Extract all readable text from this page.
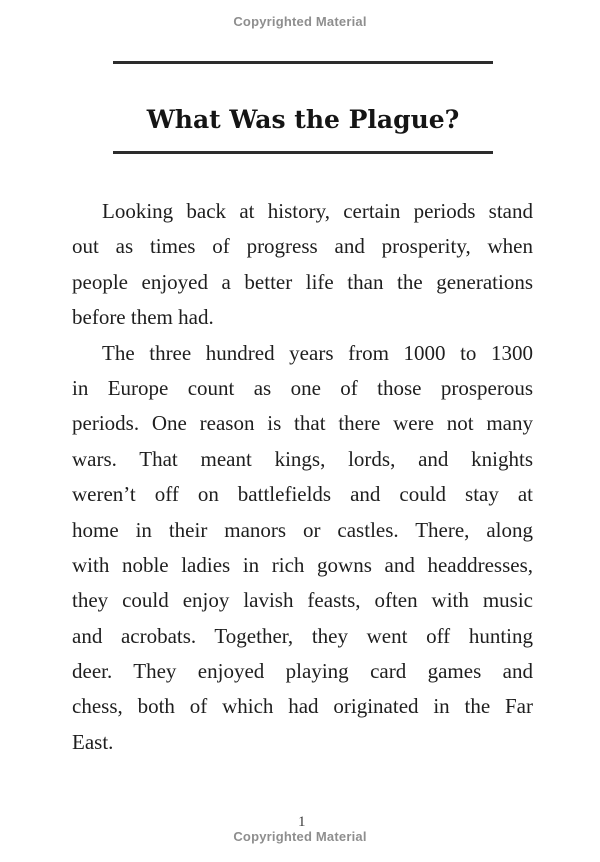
Copyrighted Material
What Was the Plague?
Looking back at history, certain periods stand
out as times of progress and prosperity, when
people enjoyed a better life than the generations
before them had.
The three hundred years from 1000 to 1300
in Europe count as one of those prosperous
periods. One reason is that there were not many
wars. That meant kings, lords, and knights
weren’t off on battlefields and could stay at
home in their manors or castles. There, along
with noble ladies in rich gowns and headdresses,
they could enjoy lavish feasts, often with music
and acrobats. Together, they went off hunting
deer. They enjoyed playing card games and
chess, both of which had originated in the Far
East.
1
Copyrighted Material
